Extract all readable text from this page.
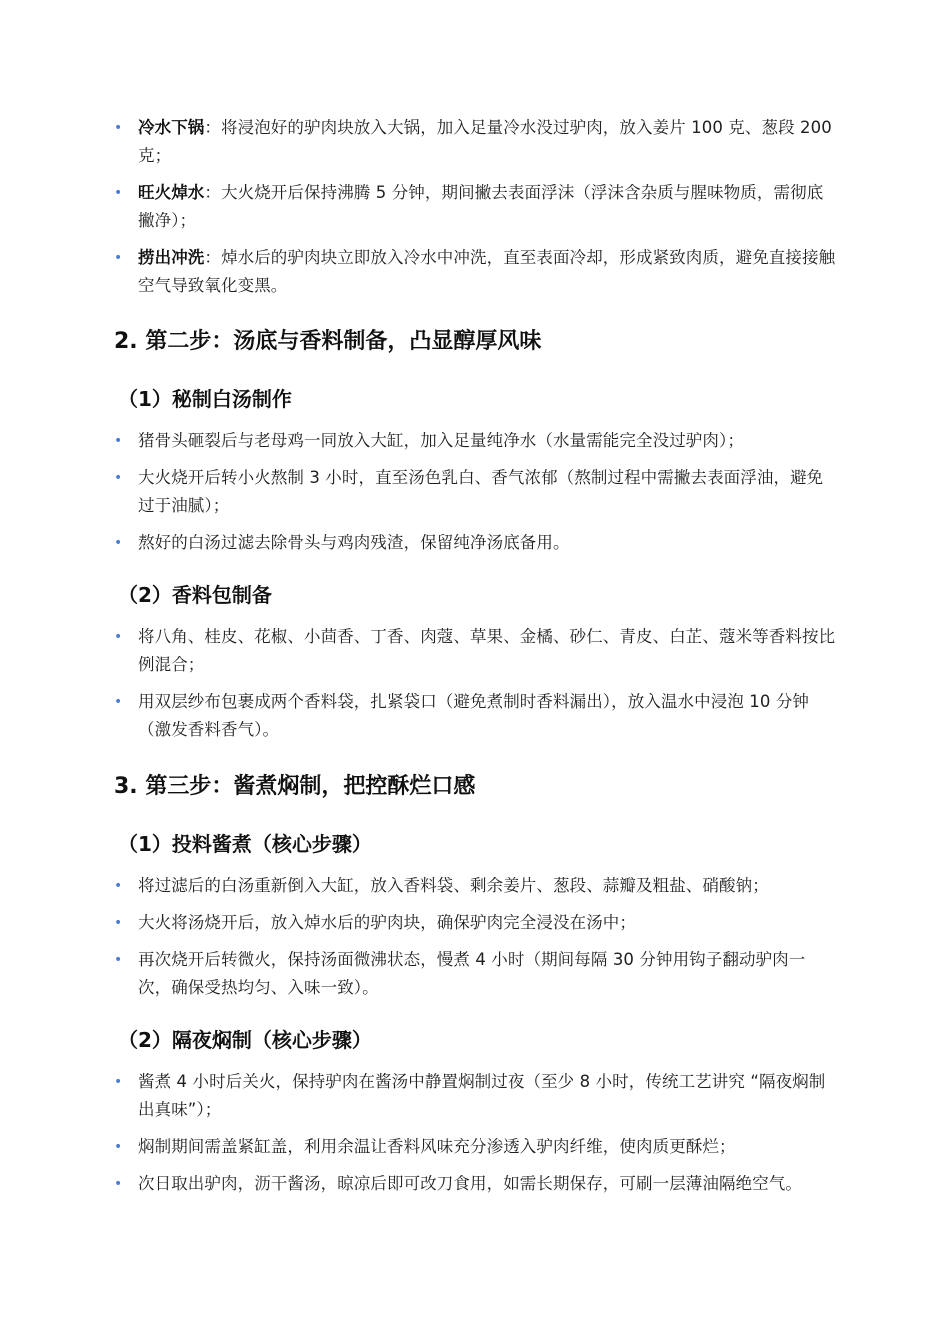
• 冷水下锅：将浸泡好的驴肉块放入大锅，加入足量冷水没过驴肉，放入姜片 100 克、葱段 200 克；
• 旺火焯水：大火烧开后保持沸腾 5 分钟，期间撇去表面浮沫（浮沫含杂质与腥味物质，需彻底撇净）；
• 捞出冲洗：焯水后的驴肉块立即放入冷水中冲洗，直至表面冷却，形成紧致肉质，避免直接接触空气导致氧化变黑。
2. 第二步：汤底与香料制备，凸显醇厚风味
（1）秘制白汤制作
• 猪骨头砸裂后与老母鸡一同放入大缸，加入足量纯净水（水量需能完全没过驴肉）；
• 大火烧开后转小火熬制 3 小时，直至汤色乳白、香气浓郁（熬制过程中需撇去表面浮油，避免过于油腻）；
• 熬好的白汤过滤去除骨头与鸡肉残渣，保留纯净汤底备用。
（2）香料包制备
• 将八角、桂皮、花椒、小茴香、丁香、肉蔻、草果、金橘、砂仁、青皮、白芷、蔻米等香料按比例混合；
• 用双层纱布包裹成两个香料袋，扎紧袋口（避免煮制时香料漏出），放入温水中浸泡 10 分钟（激发香料香气）。
3. 第三步：酱煮焖制，把控酥烂口感
（1）投料酱煮（核心步骤）
• 将过滤后的白汤重新倒入大缸，放入香料袋、剩余姜片、葱段、蒜瓣及粗盐、硝酸钠；
• 大火将汤烧开后，放入焯水后的驴肉块，确保驴肉完全浸没在汤中；
• 再次烧开后转微火，保持汤面微沸状态，慢煮 4 小时（期间每隔 30 分钟用钩子翻动驴肉一次，确保受热均匀、入味一致）。
（2）隔夜焖制（核心步骤）
• 酱煮 4 小时后关火，保持驴肉在酱汤中静置焖制过夜（至少 8 小时，传统工艺讲究 “隔夜焖制出真味”）；
• 焖制期间需盖紧缸盖，利用余温让香料风味充分渗透入驴肉纤维，使肉质更酥烂；
• 次日取出驴肉，沥干酱汤，晾凉后即可改刀食用，如需长期保存，可刷一层薄油隔绝空气。
